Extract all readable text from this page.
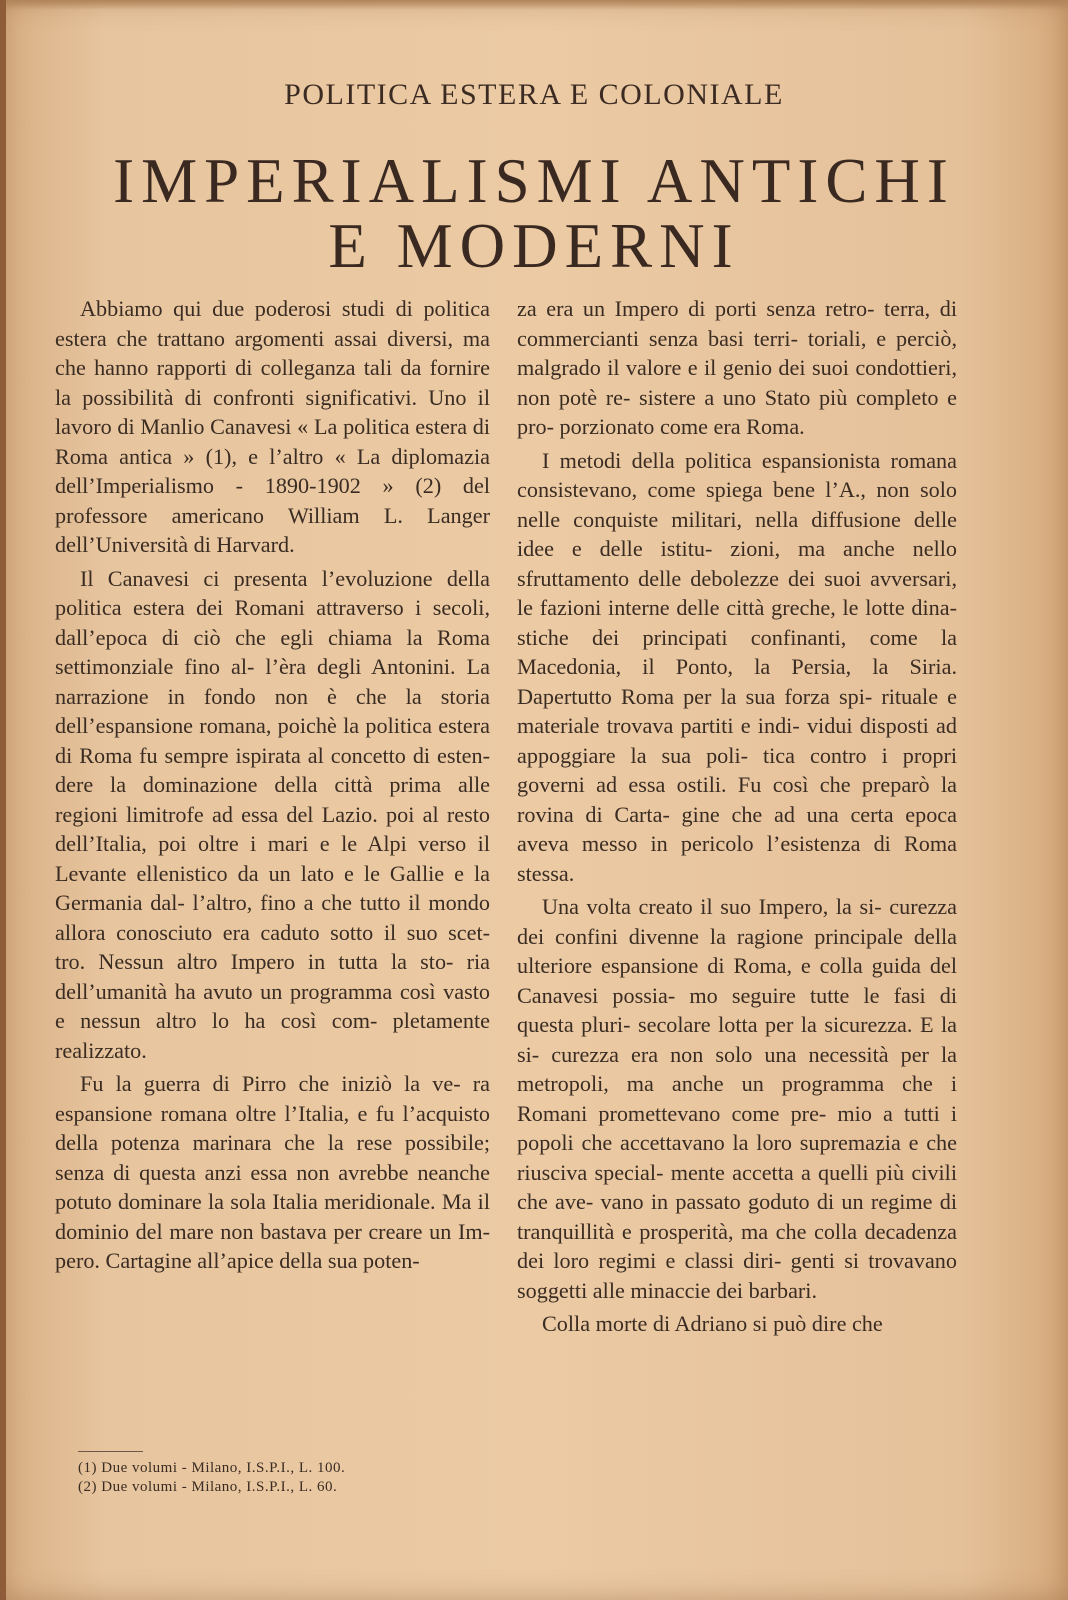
POLITICA ESTERA E COLONIALE
IMPERIALISMI ANTICHI
E MODERNI

Abbiamo qui due poderosi studi di politica estera che trattano argomenti assai diversi, ma che hanno rapporti di colleganza tali da fornire la possibilità di confronti significativi. Uno il lavoro di Manlio Canavesi « La politica estera di Roma antica » (1), e l’altro « La diplomazia dell’Imperialismo - 1890-1902 » (2) del professore americano William L. Langer dell’Università di Harvard.

Il Canavesi ci presenta l’evoluzione della politica estera dei Romani attraverso i secoli, dall’epoca di ciò che egli chiama la Roma settimonziale fino al- l’èra degli Antonini. La narrazione in fondo non è che la storia dell’espansione romana, poichè la politica estera di Roma fu sempre ispirata al concetto di esten- dere la dominazione della città prima alle regioni limitrofe ad essa del Lazio. poi al resto dell’Italia, poi oltre i mari e le Alpi verso il Levante ellenistico da un lato e le Gallie e la Germania dal- l’altro, fino a che tutto il mondo allora conosciuto era caduto sotto il suo scet- tro. Nessun altro Impero in tutta la sto- ria dell’umanità ha avuto un programma così vasto e nessun altro lo ha così com- pletamente realizzato.

Fu la guerra di Pirro che iniziò la ve- ra espansione romana oltre l’Italia, e fu l’acquisto della potenza marinara che la rese possibile; senza di questa anzi essa non avrebbe neanche potuto dominare la sola Italia meridionale. Ma il dominio del mare non bastava per creare un Im- pero. Cartagine all’apice della sua poten-

za era un Impero di porti senza retro- terra, di commercianti senza basi terri- toriali, e perciò, malgrado il valore e il genio dei suoi condottieri, non potè re- sistere a uno Stato più completo e pro- porzionato come era Roma.

I metodi della politica espansionista romana consistevano, come spiega bene l’A., non solo nelle conquiste militari, nella diffusione delle idee e delle istitu- zioni, ma anche nello sfruttamento delle debolezze dei suoi avversari, le fazioni interne delle città greche, le lotte dina- stiche dei principati confinanti, come la Macedonia, il Ponto, la Persia, la Siria. Dapertutto Roma per la sua forza spi- rituale e materiale trovava partiti e indi- vidui disposti ad appoggiare la sua poli- tica contro i propri governi ad essa ostili. Fu così che preparò la rovina di Carta- gine che ad una certa epoca aveva messo in pericolo l’esistenza di Roma stessa.

Una volta creato il suo Impero, la si- curezza dei confini divenne la ragione principale della ulteriore espansione di Roma, e colla guida del Canavesi possia- mo seguire tutte le fasi di questa pluri- secolare lotta per la sicurezza. E la si- curezza era non solo una necessità per la metropoli, ma anche un programma che i Romani promettevano come pre- mio a tutti i popoli che accettavano la loro supremazia e che riusciva special- mente accetta a quelli più civili che ave- vano in passato goduto di un regime di tranquillità e prosperità, ma che colla decadenza dei loro regimi e classi diri- genti si trovavano soggetti alle minaccie dei barbari.

Colla morte di Adriano si può dire che

(1) Due volumi - Milano, I.S.P.I., L. 100.
(2) Due volumi - Milano, I.S.P.I., L. 60.
